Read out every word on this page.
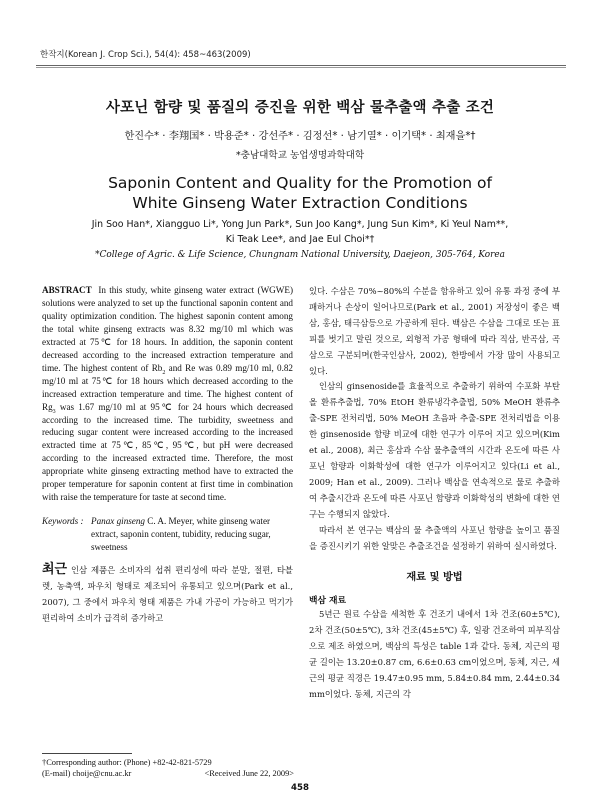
한작지(Korean J. Crop Sci.), 54(4): 458~463(2009)
사포닌 함량 및 품질의 증진을 위한 백삼 물추출액 추출 조건
한진수* · 李翔国* · 박용준* · 강선주* · 김정선* · 남기열* · 이기택* · 최재을*†
*충남대학교 농업생명과학대학
Saponin Content and Quality for the Promotion of
White Ginseng Water Extraction Conditions
Jin Soo Han*, Xiangguo Li*, Yong Jun Park*, Sun Joo Kang*, Jung Sun Kim*, Ki Yeul Nam**,
Ki Teak Lee*, and Jae Eul Choi*†
*College of Agric. & Life Science, Chungnam National University, Daejeon, 305-764, Korea

ABSTRACT In this study, white ginseng water extract (WGWE) solutions were analyzed to set up the functional saponin content and quality optimization condition. The highest saponin content among the total white ginseng extracts was 8.32 mg/10 ml which was extracted at 75℃ for 18 hours. In addition, the saponin content decreased according to the increased extraction temperature and time. The highest content of $Rb_2$ and Re was 0.89 mg/10 ml, 0.82 mg/10 ml at 75℃ for 18 hours which decreased according to the increased extraction temperature and time. The highest content of $Rg_3$ was 1.67 mg/10 ml at 95℃ for 24 hours which decreased according to the increased time. The turbidity, sweetness and reducing sugar content were increased according to the increased extracted time at 75℃, 85℃, 95℃, but pH were decreased according to the increased extracted time. Therefore, the most appropriate white ginseng extracting method have to extracted the proper temperature for saponin content at first time in combination with raise the temperature for taste at second time.

Keywords : Panax ginseng C. A. Meyer, white ginseng water extract, saponin content, tubidity, reducing sugar, sweetness

최근 인삼 제품은 소비자의 섭취 편리성에 따라 분말, 절편, 타블렛, 농축액, 파우치 형태로 제조되어 유통되고 있으며(Park et al., 2007), 그 중에서 파우치 형태 제품은 가내 가공이 가능하고 먹기가 편리하여 소비가 급격히 증가하고

†Corresponding author: (Phone) +82-42-821-5729
(E-mail) choije@cnu.ac.kr	<Received June 22, 2009>

있다. 수삼은 70%~80%의 수분을 함유하고 있어 유통 과정 중에 부패하거나 손상이 일어나므로(Park et al., 2001) 저장성이 좋은 백삼, 홍삼, 태극삼등으로 가공하게 된다. 백삼은 수삼을 그대로 또는 표피를 벗기고 말린 것으로, 외형적 가공 형태에 따라 직삼, 반곡삼, 곡삼으로 구분되며(한국인삼사, 2002), 한방에서 가장 많이 사용되고 있다.

인삼의 ginsenoside를 효율적으로 추출하기 위하여 수포화 부탄올 환류추출법, 70% EtOH 환류냉각추출법, 50% MeOH 환류추출-SPE 전처리법, 50% MeOH 초음파 추출-SPE 전처리법을 이용한 ginsenoside 함량 비교에 대한 연구가 이루어 지고 있으며(Kim et al., 2008), 최근 홍삼과 수삼 물추출액의 시간과 온도에 따른 사포닌 함량과 이화학성에 대한 연구가 이루어지고 있다(Li et al., 2009; Han et al., 2009). 그러나 백삼을 연속적으로 물로 추출하여 추출시간과 온도에 따른 사포닌 함량과 이화학성의 변화에 대한 연구는 수행되지 않았다.

따라서 본 연구는 백삼의 물 추출액의 사포닌 함량을 높이고 품질을 증진시키기 위한 알맞은 추출조건을 설정하기 위하여 실시하였다.

재료 및 방법
백삼 재료

5년근 원료 수삼을 세척한 후 건조기 내에서 1차 건조(60±5℃), 2차 건조(50±5℃), 3차 건조(45±5℃) 후, 일광 건조하여 피부직삼으로 제조 하였으며, 백삼의 특성은 table 1과 같다. 동체, 지근의 평균 길이는 13.20±0.87 cm, 6.6±0.63 cm이었으며, 동체, 지근, 세근의 평균 직경은 19.47±0.95 mm, 5.84±0.84 mm, 2.44±0.34 mm이었다. 동체, 지근의 각

458
